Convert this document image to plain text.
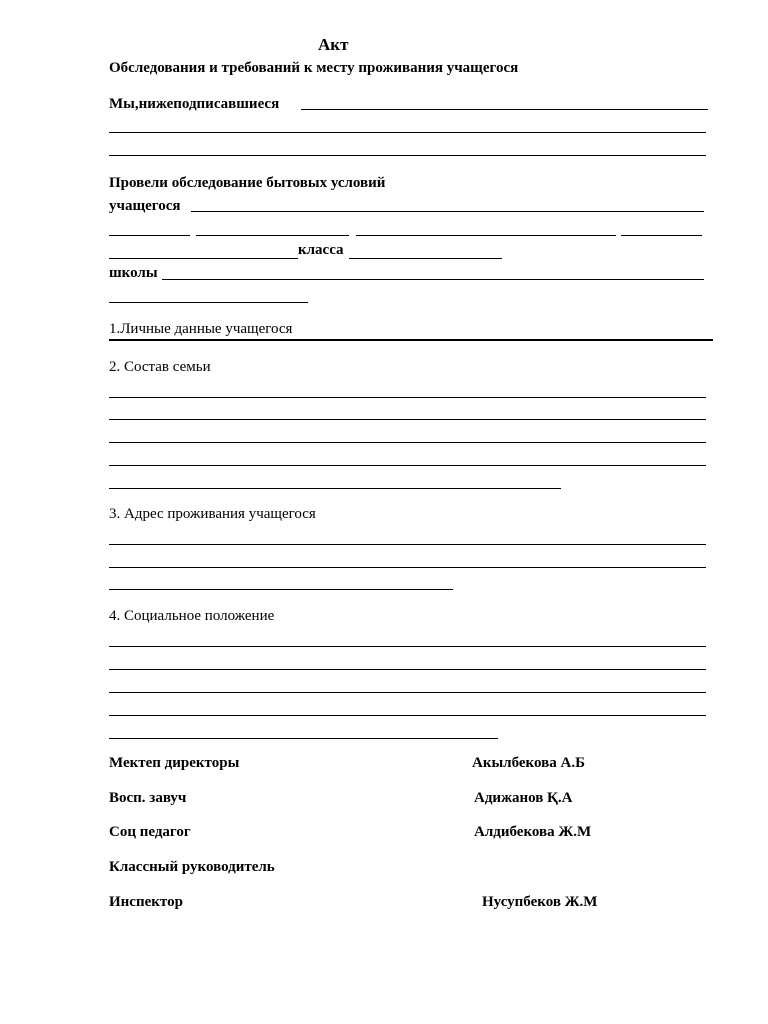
Акт
Обследования и требований к месту проживания учащегося
Мы,нижеподписавшиеся
Провели обследование бытовых условий
учащегося
класса
школы
1.Личные данные учащегося
2. Состав семьи
3. Адрес проживания учащегося
4. Социальное положение
Мектеп директоры	Акылбекова А.Б
Восп. завуч	Адижанов Қ.А
Соц педагог	Алдибекова Ж.М
Классный руководитель
Инспектор	Нусупбеков Ж.М
